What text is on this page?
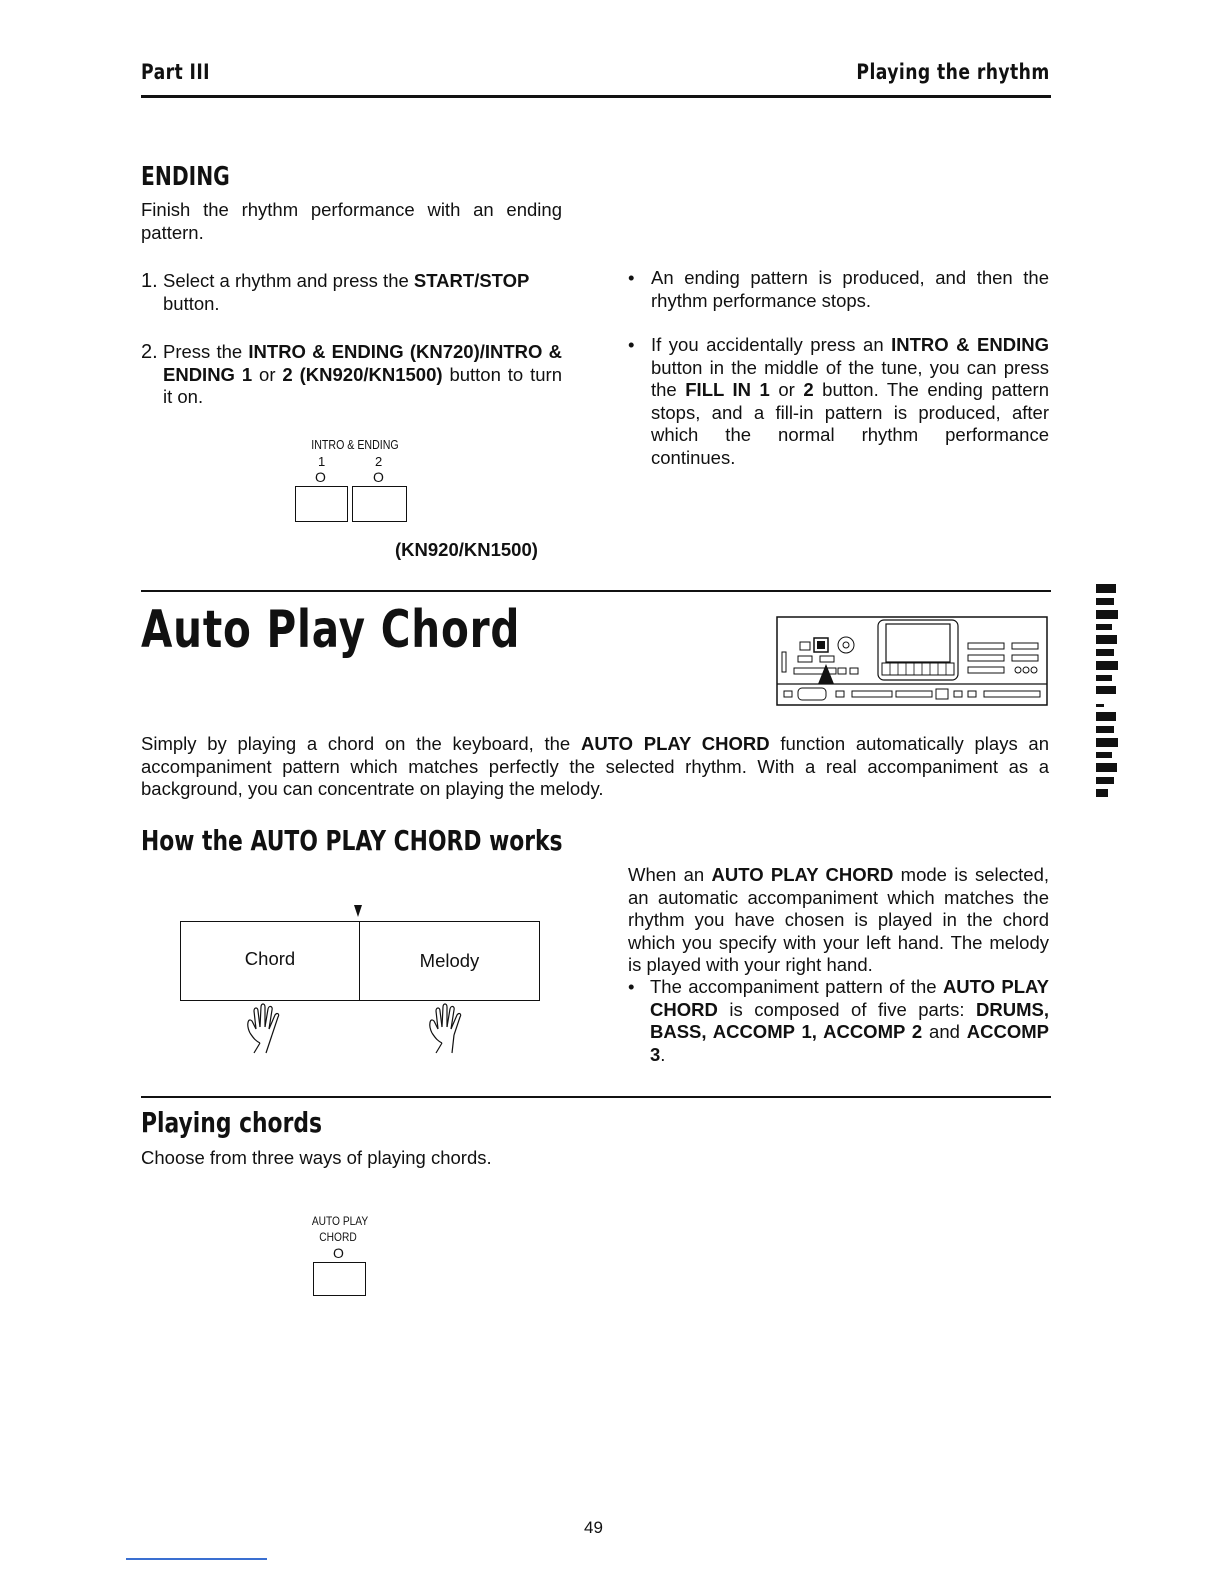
Part III	Playing the rhythm
ENDING
Finish the rhythm performance with an ending pattern.
1. Select a rhythm and press the START/STOP button.
2. Press the INTRO & ENDING (KN720)/INTRO & ENDING 1 or 2 (KN920/KN1500) button to turn it on.
INTRO & ENDING
1	2
O	O
(KN920/KN1500)
• An ending pattern is produced, and then the rhythm performance stops.
• If you accidentally press an INTRO & ENDING button in the middle of the tune, you can press the FILL IN 1 or 2 button. The ending pattern stops, and a fill-in pattern is produced, after which the normal rhythm performance continues.
Auto Play Chord
Simply by playing a chord on the keyboard, the AUTO PLAY CHORD function automatically plays an accompaniment pattern which matches perfectly the selected rhythm. With a real accompaniment as a background, you can concentrate on playing the melody.
How the AUTO PLAY CHORD works
Chord	Melody
When an AUTO PLAY CHORD mode is selected, an automatic accompaniment which matches the rhythm you have chosen is played in the chord which you specify with your left hand. The melody is played with your right hand.
• The accompaniment pattern of the AUTO PLAY CHORD is composed of five parts: DRUMS, BASS, ACCOMP 1, ACCOMP 2 and ACCOMP 3.
Playing chords
Choose from three ways of playing chords.
AUTO PLAY
CHORD
O
49
